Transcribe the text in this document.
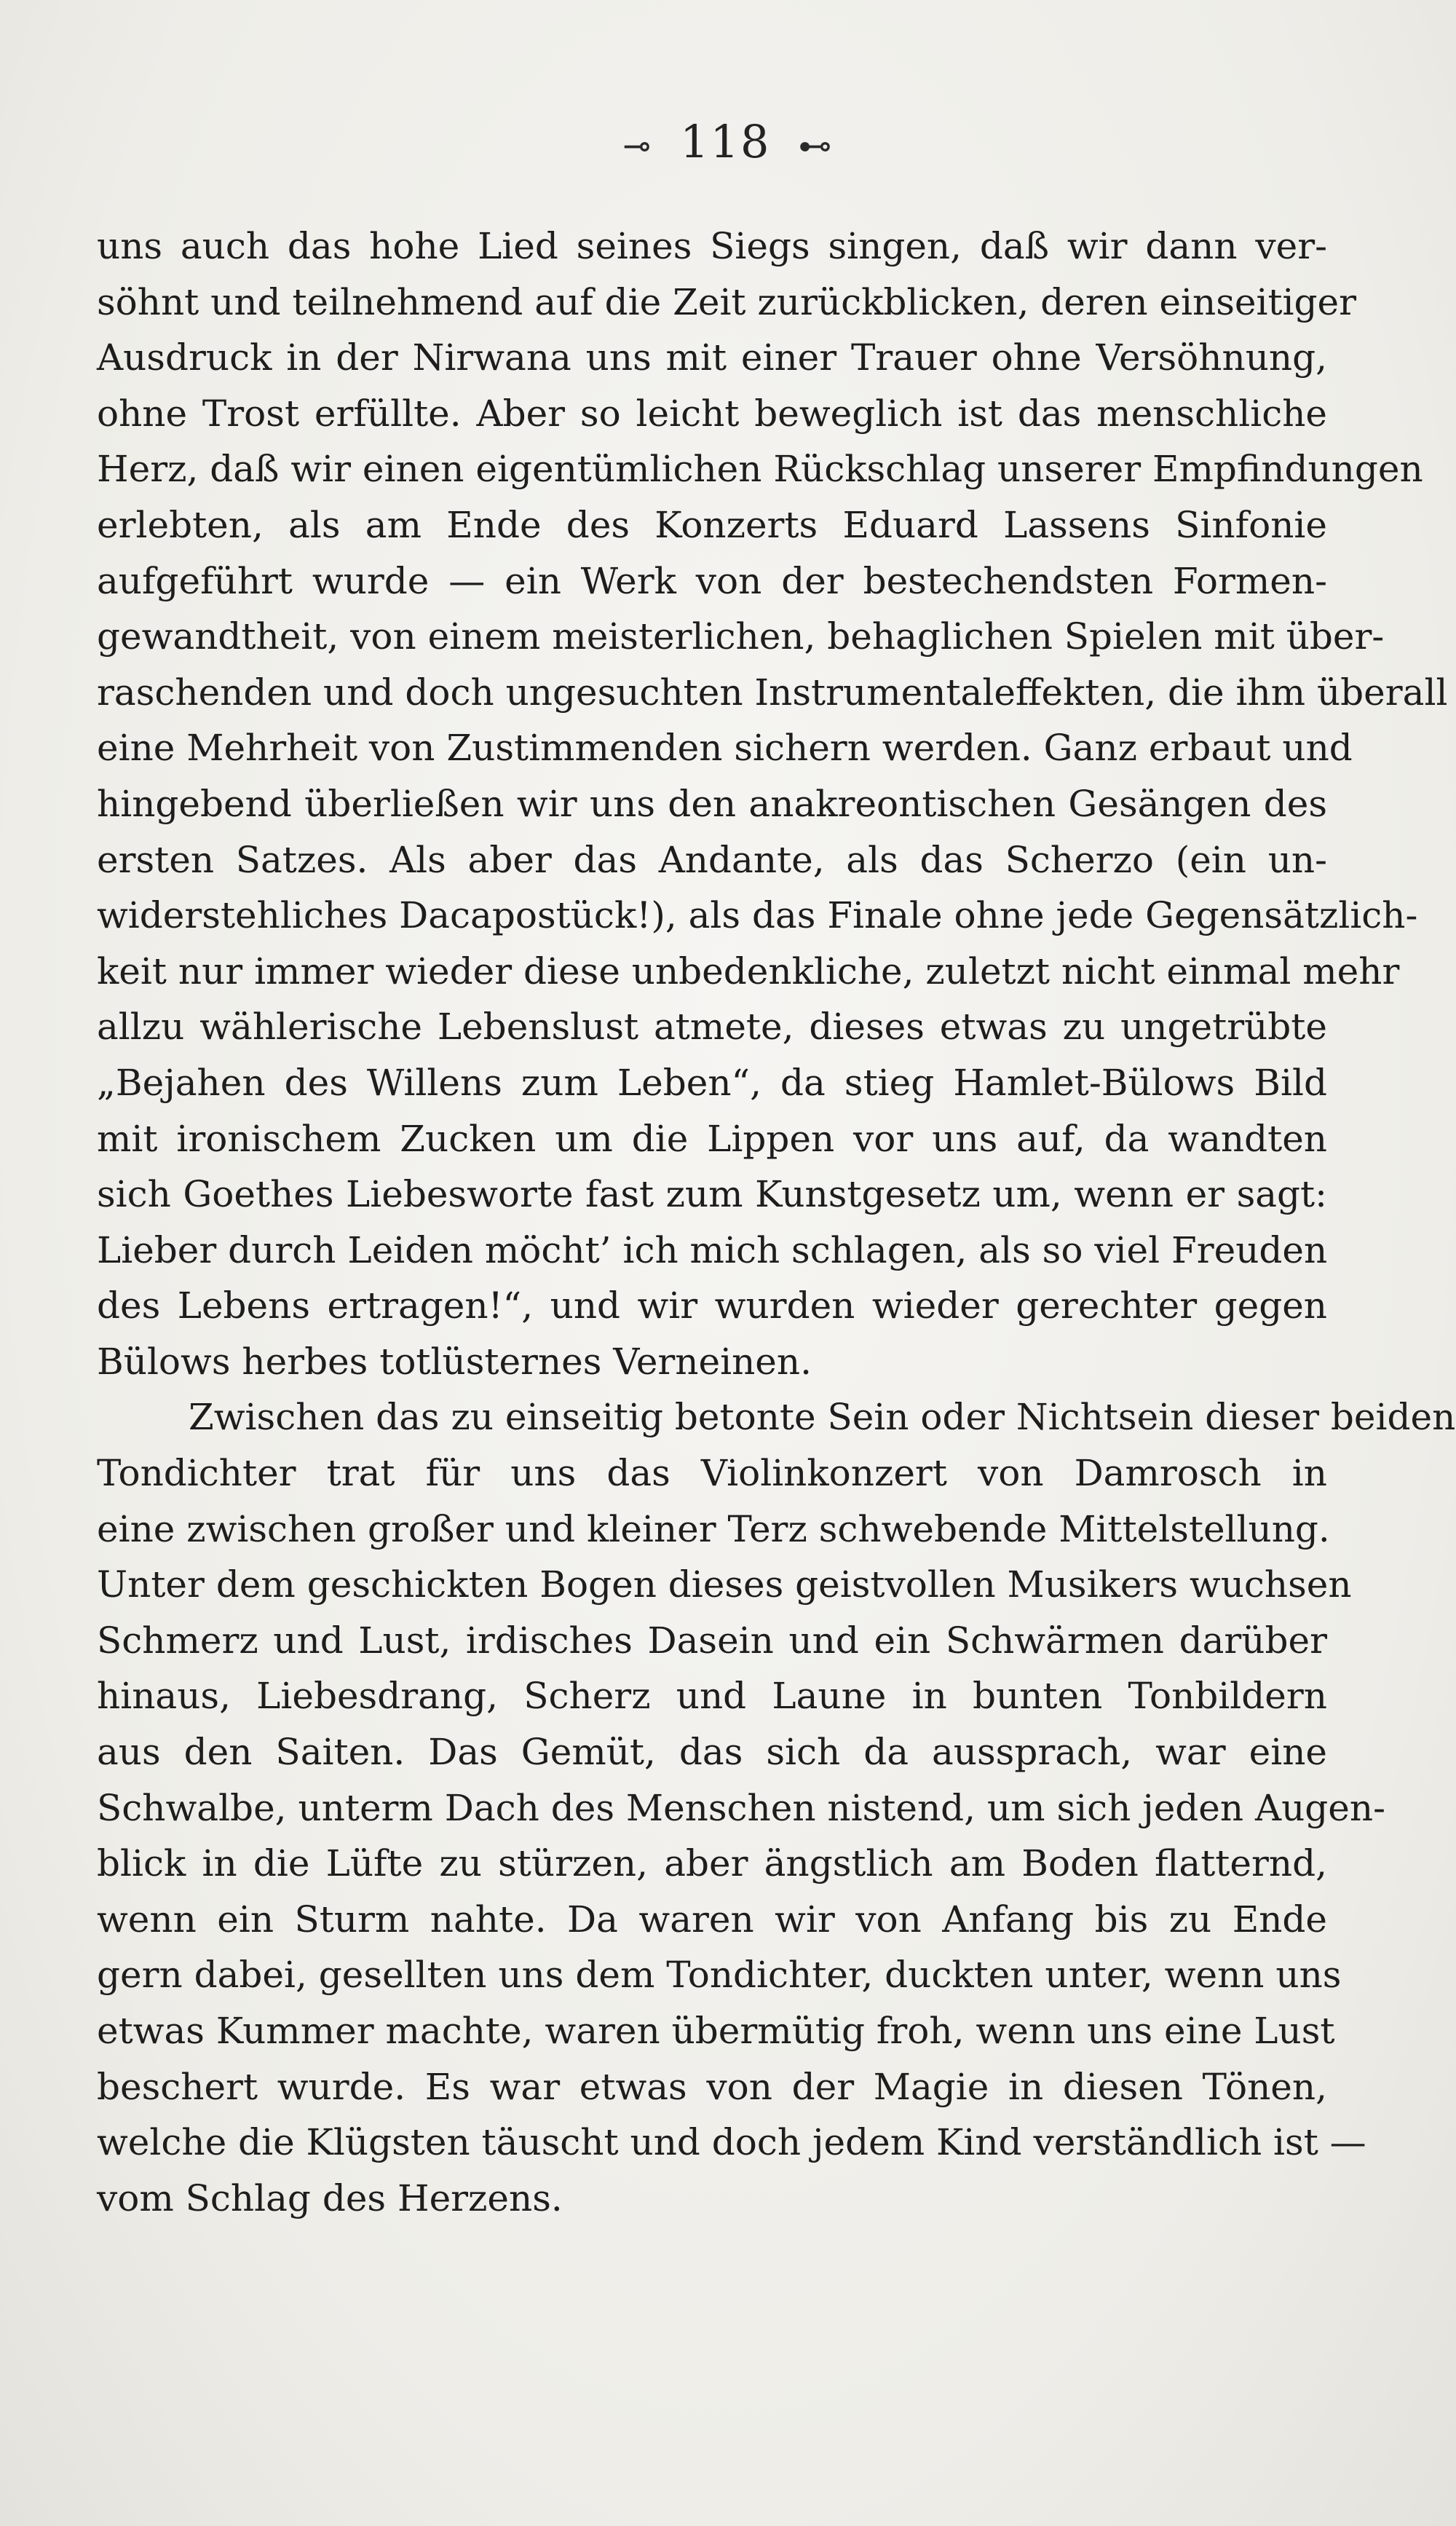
⊸ 118 ⊷
uns auch das hohe Lied seines Siegs singen, daß wir dann ver-
söhnt und teilnehmend auf die Zeit zurückblicken, deren einseitiger
Ausdruck in der Nirwana uns mit einer Trauer ohne Versöhnung,
ohne Trost erfüllte. Aber so leicht beweglich ist das menschliche
Herz, daß wir einen eigentümlichen Rückschlag unserer Empfindungen
erlebten, als am Ende des Konzerts Eduard Lassens Sinfonie
aufgeführt wurde — ein Werk von der bestechendsten Formen-
gewandtheit, von einem meisterlichen, behaglichen Spielen mit über-
raschenden und doch ungesuchten Instrumentaleffekten, die ihm überall
eine Mehrheit von Zustimmenden sichern werden. Ganz erbaut und
hingebend überließen wir uns den anakreontischen Gesängen des
ersten Satzes. Als aber das Andante, als das Scherzo (ein un-
widerstehliches Dacapostück!), als das Finale ohne jede Gegensätzlich-
keit nur immer wieder diese unbedenkliche, zuletzt nicht einmal mehr
allzu wählerische Lebenslust atmete, dieses etwas zu ungetrübte
„Bejahen des Willens zum Leben“, da stieg Hamlet-Bülows Bild
mit ironischem Zucken um die Lippen vor uns auf, da wandten
sich Goethes Liebesworte fast zum Kunstgesetz um, wenn er sagt:
Lieber durch Leiden möcht’ ich mich schlagen, als so viel Freuden
des Lebens ertragen!“, und wir wurden wieder gerechter gegen
Bülows herbes totlüsternes Verneinen.
Zwischen das zu einseitig betonte Sein oder Nichtsein dieser beiden
Tondichter trat für uns das Violinkonzert von Damrosch in
eine zwischen großer und kleiner Terz schwebende Mittelstellung.
Unter dem geschickten Bogen dieses geistvollen Musikers wuchsen
Schmerz und Lust, irdisches Dasein und ein Schwärmen darüber
hinaus, Liebesdrang, Scherz und Laune in bunten Tonbildern
aus den Saiten. Das Gemüt, das sich da aussprach, war eine
Schwalbe, unterm Dach des Menschen nistend, um sich jeden Augen-
blick in die Lüfte zu stürzen, aber ängstlich am Boden flatternd,
wenn ein Sturm nahte. Da waren wir von Anfang bis zu Ende
gern dabei, gesellten uns dem Tondichter, duckten unter, wenn uns
etwas Kummer machte, waren übermütig froh, wenn uns eine Lust
beschert wurde. Es war etwas von der Magie in diesen Tönen,
welche die Klügsten täuscht und doch jedem Kind verständlich ist —
vom Schlag des Herzens.
